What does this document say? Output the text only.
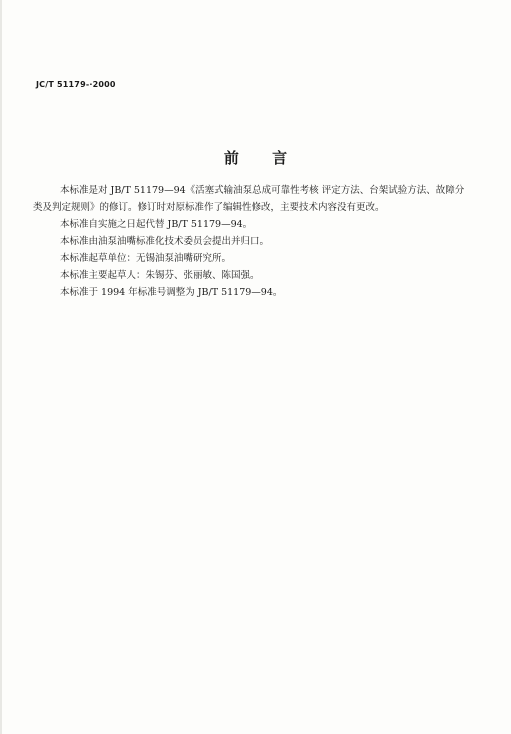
JC/T 51179-·2000
前 言

本标准是对 JB/T 51179—94《活塞式输油泵总成可靠性考核 评定方法、台架试验方法、故障分

类及判定规则》的修订。修订时对原标准作了编辑性修改，主要技术内容没有更改。

本标准自实施之日起代替 JB/T 51179—94。

本标准由油泵油嘴标准化技术委员会提出并归口。

本标准起草单位：无锡油泵油嘴研究所。

本标准主要起草人：朱锡芬、张丽敏、陈国强。

本标准于 1994 年标准号调整为 JB/T 51179—94。
